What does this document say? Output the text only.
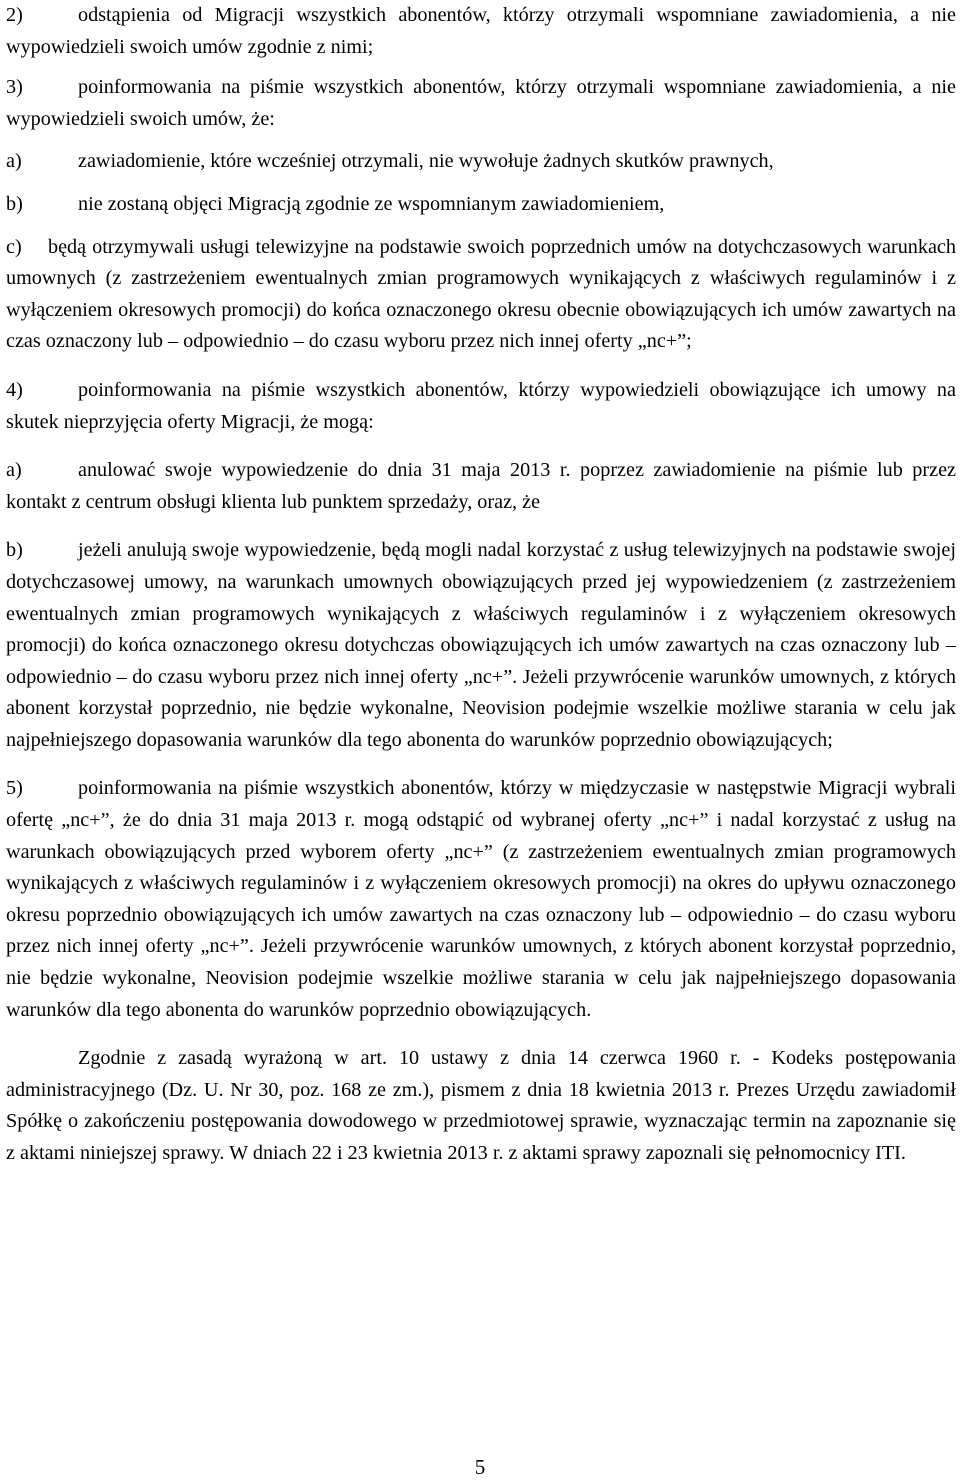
2)	odstąpienia od Migracji wszystkich abonentów, którzy otrzymali wspomniane zawiadomienia, a nie wypowiedzieli swoich umów zgodnie z nimi;

3)	poinformowania na piśmie wszystkich abonentów, którzy otrzymali wspomniane zawiadomienia, a nie wypowiedzieli swoich umów, że:

a)	zawiadomienie, które wcześniej otrzymali, nie wywołuje żadnych skutków prawnych,

b)	nie zostaną objęci Migracją zgodnie ze wspomnianym zawiadomieniem,

c) będą otrzymywali usługi telewizyjne na podstawie swoich poprzednich umów na dotychczasowych warunkach umownych (z zastrzeżeniem ewentualnych zmian programowych wynikających z właściwych regulaminów i z wyłączeniem okresowych promocji) do końca oznaczonego okresu obecnie obowiązujących ich umów zawartych na czas oznaczony lub – odpowiednio – do czasu wyboru przez nich innej oferty „nc+”;

4)	poinformowania na piśmie wszystkich abonentów, którzy wypowiedzieli obowiązujące ich umowy na skutek nieprzyjęcia oferty Migracji, że mogą:

a)	anulować swoje wypowiedzenie do dnia 31 maja 2013 r. poprzez zawiadomienie na piśmie lub przez kontakt z centrum obsługi klienta lub punktem sprzedaży, oraz, że

b)	jeżeli anulują swoje wypowiedzenie, będą mogli nadal korzystać z usług telewizyjnych na podstawie swojej dotychczasowej umowy, na warunkach umownych obowiązujących przed jej wypowiedzeniem (z zastrzeżeniem ewentualnych zmian programowych wynikających z właściwych regulaminów i z wyłączeniem okresowych promocji) do końca oznaczonego okresu dotychczas obowiązujących ich umów zawartych na czas oznaczony lub – odpowiednio – do czasu wyboru przez nich innej oferty „nc+”. Jeżeli przywrócenie warunków umownych, z których abonent korzystał poprzednio, nie będzie wykonalne, Neovision podejmie wszelkie możliwe starania w celu jak najpełniejszego dopasowania warunków dla tego abonenta do warunków poprzednio obowiązujących;

5)	poinformowania na piśmie wszystkich abonentów, którzy w międzyczasie w następstwie Migracji wybrali ofertę „nc+”, że do dnia 31 maja 2013 r. mogą odstąpić od wybranej oferty „nc+” i nadal korzystać z usług na warunkach obowiązujących przed wyborem oferty „nc+” (z zastrzeżeniem ewentualnych zmian programowych wynikających z właściwych regulaminów i z wyłączeniem okresowych promocji) na okres do upływu oznaczonego okresu poprzednio obowiązujących ich umów zawartych na czas oznaczony lub – odpowiednio – do czasu wyboru przez nich innej oferty „nc+”. Jeżeli przywrócenie warunków umownych, z których abonent korzystał poprzednio, nie będzie wykonalne, Neovision podejmie wszelkie możliwe starania w celu jak najpełniejszego dopasowania warunków dla tego abonenta do warunków poprzednio obowiązujących.

Zgodnie z zasadą wyrażoną w art. 10 ustawy z dnia 14 czerwca 1960 r. - Kodeks postępowania administracyjnego (Dz. U. Nr 30, poz. 168 ze zm.), pismem z dnia 18 kwietnia 2013 r. Prezes Urzędu zawiadomił Spółkę o zakończeniu postępowania dowodowego w przedmiotowej sprawie, wyznaczając termin na zapoznanie się z aktami niniejszej sprawy. W dniach 22 i 23 kwietnia 2013 r. z aktami sprawy zapoznali się pełnomocnicy ITI.

5
